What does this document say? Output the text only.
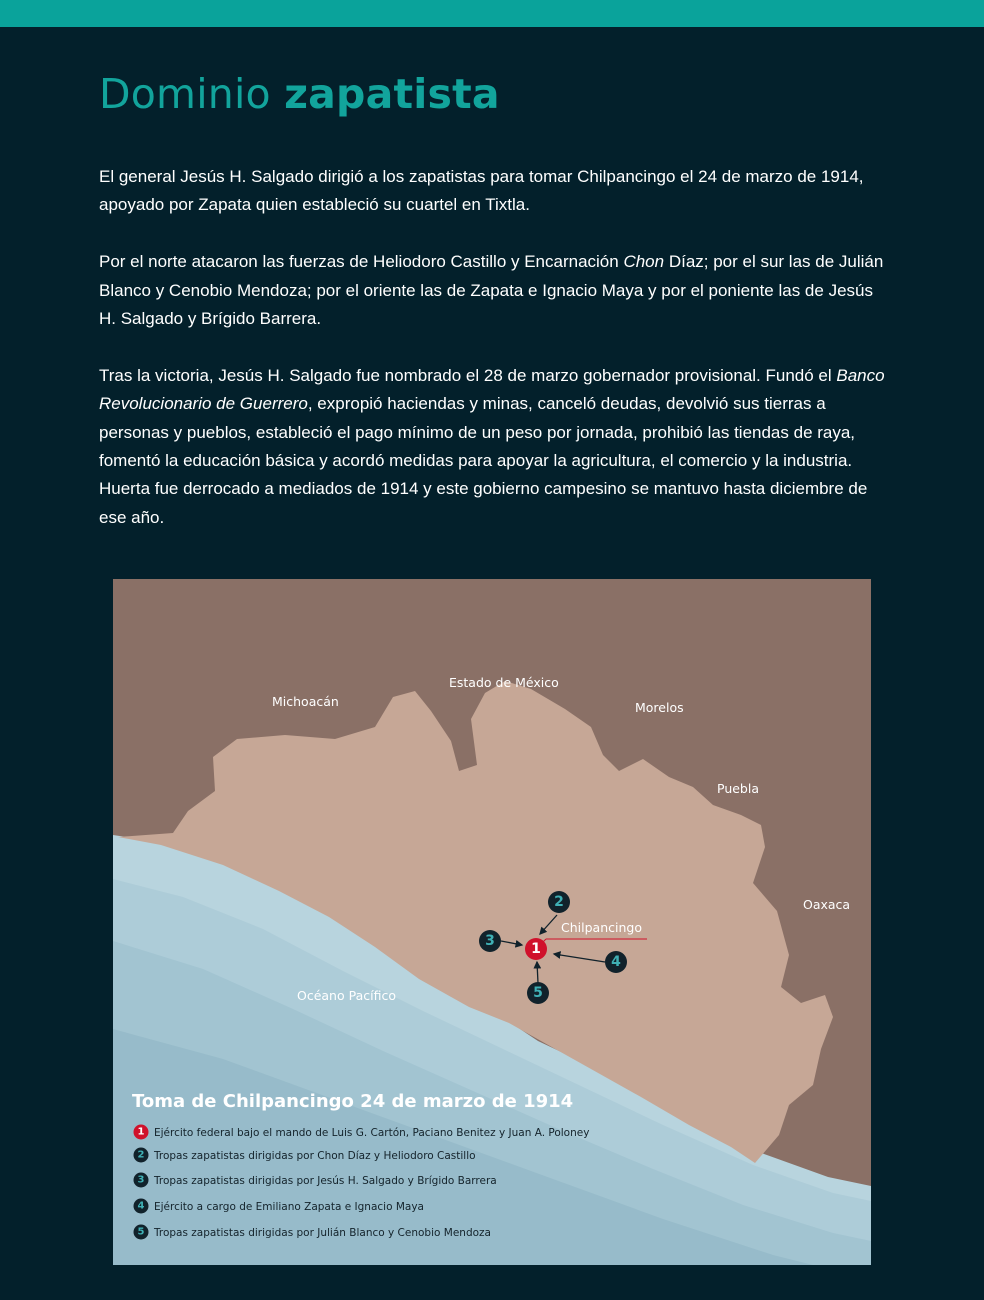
Dominio zapatista

El general Jesús H. Salgado dirigió a los zapatistas para tomar Chilpancingo el 24 de marzo de 1914, apoyado por Zapata quien estableció su cuartel en Tixtla.

Por el norte atacaron las fuerzas de Heliodoro Castillo y Encarnación Chon Díaz; por el sur las de Julián Blanco y Cenobio Mendoza; por el oriente las de Zapata e Ignacio Maya y por el poniente las de Jesús H. Salgado y Brígido Barrera.

Tras la victoria, Jesús H. Salgado fue nombrado el 28 de marzo gobernador provisional. Fundó el Banco Revolucionario de Guerrero, expropió haciendas y minas, canceló deudas, devolvió sus tierras a personas y pueblos, estableció el pago mínimo de un peso por jornada, prohibió las tiendas de raya, fomentó la educación básica y acordó medidas para apoyar la agricultura, el comercio y la industria. Huerta fue derrocado a mediados de 1914 y este gobierno campesino se mantuvo hasta diciembre de ese año.

Michoacán
Estado de México
Morelos
Puebla
Oaxaca
Océano Pacífico
Chilpancingo
1
2
3
4
5
Toma de Chilpancingo 24 de marzo de 1914
1 Ejército federal bajo el mando de Luis G. Cartón, Paciano Benitez y Juan A. Poloney
2 Tropas zapatistas dirigidas por Chon Díaz y Heliodoro Castillo
3 Tropas zapatistas dirigidas por Jesús H. Salgado y Brígido Barrera
4 Ejército a cargo de Emiliano Zapata e Ignacio Maya
5 Tropas zapatistas dirigidas por Julián Blanco y Cenobio Mendoza
